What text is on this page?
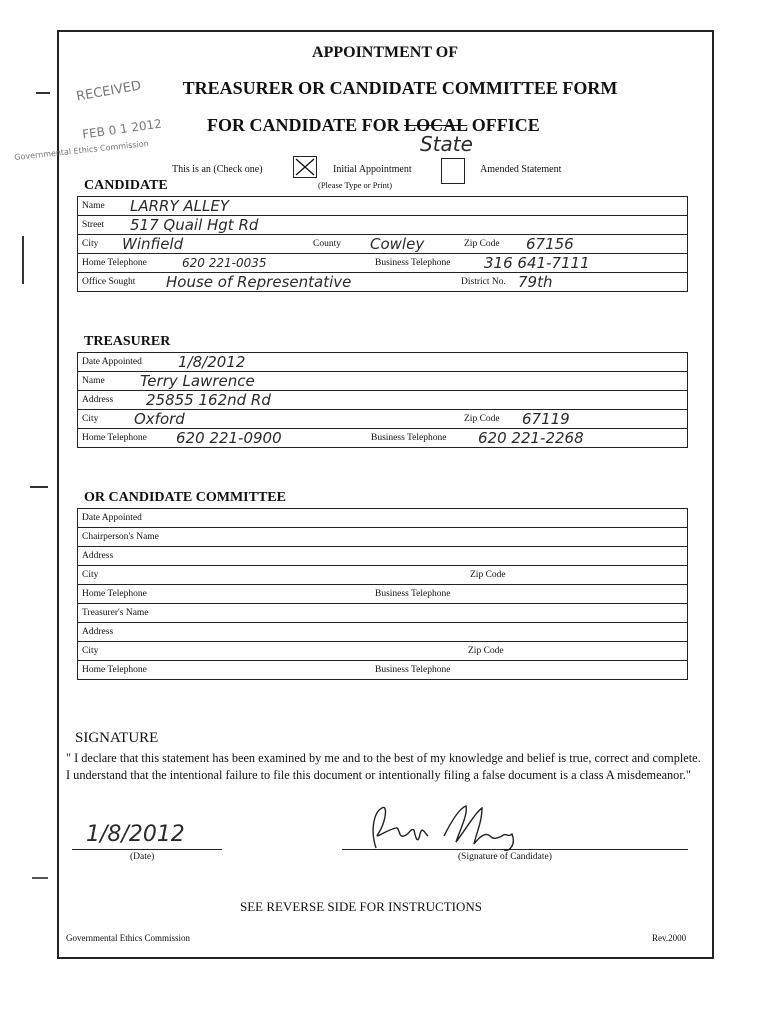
APPOINTMENT OF
TREASURER OR CANDIDATE COMMITTEE FORM
FOR CANDIDATE FOR LOCAL OFFICE
State
RECEIVED
FEB 0 1 2012
Governmental Ethics Commission
This is an (Check one)	Initial Appointment	Amended Statement
(Please Type or Print)
CANDIDATE
Name LARRY ALLEY
Street 517 Quail Hgt Rd
City Winfield	County Cowley	Zip Code 67156
Home Telephone	620 221-0035	Business Telephone 316 641-7111
Office Sought House of Representative	District No. 79th
TREASURER
Date Appointed 1/8/2012
Name Terry Lawrence
Address 25855 162nd Rd
City Oxford	Zip Code 67119
Home Telephone 620 221-0900	Business Telephone 620 221-2268
OR CANDIDATE COMMITTEE
Date Appointed
Chairperson's Name
Address
City	Zip Code
Home Telephone	Business Telephone
Treasurer's Name
Address
City	Zip Code
Home Telephone	Business Telephone
SIGNATURE
" I declare that this statement has been examined by me and to the best of my knowledge and belief is true, correct and complete. I understand that the intentional failure to file this document or intentionally filing a false document is a class A misdemeanor."
1/8/2012
(Date)	(Signature of Candidate)
SEE REVERSE SIDE FOR INSTRUCTIONS
Governmental Ethics Commission	Rev.2000
